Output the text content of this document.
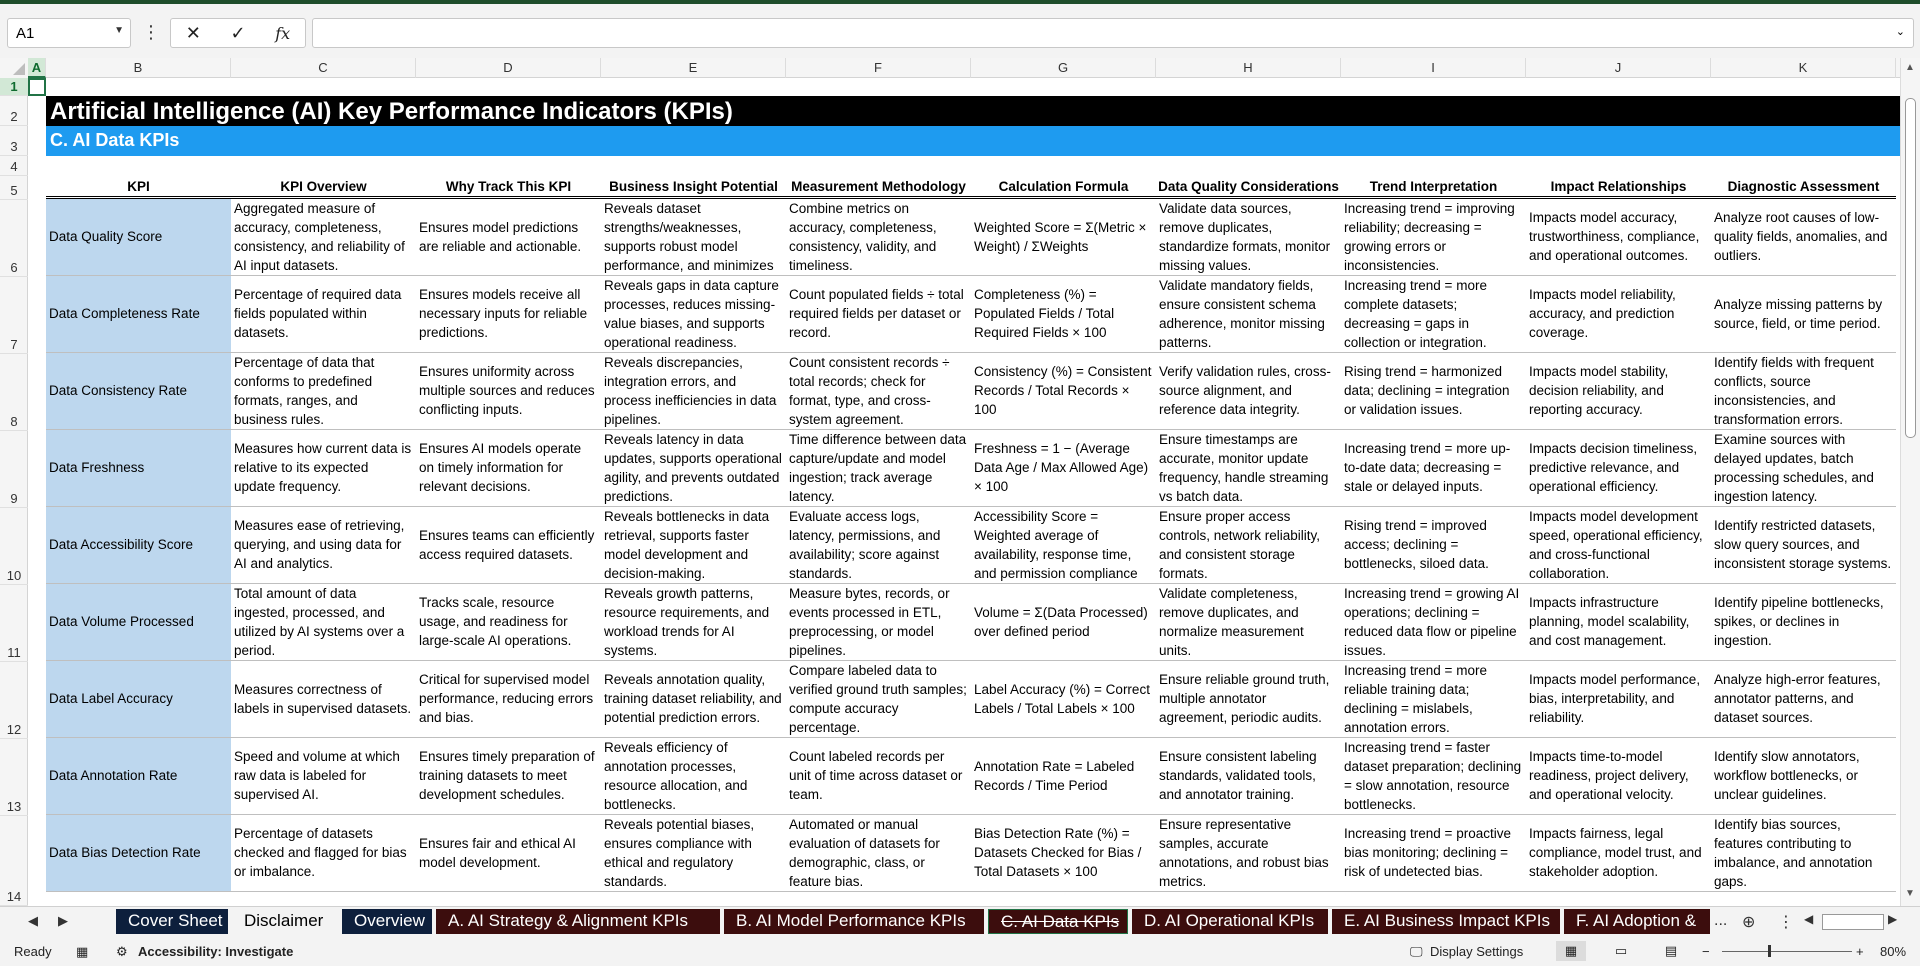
A1	▼ ⋮ ✕ ✓ fx	⌄
A	B	C	D	E	F	G	H	I	J	K
1
2
3
4
5
6
7
8
9
10
11
12
13
14
Artificial Intelligence (AI) Key Performance Indicators (KPIs)
C. AI Data KPIs
KPI	KPI Overview	Why Track This KPI	Business Insight Potential	Measurement Methodology	Calculation Formula	Data Quality Considerations	Trend Interpretation	Impact Relationships	Diagnostic Assessment

Data Quality Score	Aggregated measure of accuracy, completeness, consistency, and reliability of AI input datasets.	Ensures model predictions are reliable and actionable.	Reveals dataset strengths/weaknesses, supports robust model performance, and minimizes	Combine metrics on accuracy, completeness, consistency, validity, and timeliness.	Weighted Score = Σ(Metric × Weight) / ΣWeights	Validate data sources, remove duplicates, standardize formats, monitor missing values.	Increasing trend = improving reliability; decreasing = growing errors or inconsistencies.	Impacts model accuracy, trustworthiness, compliance, and operational outcomes.	Analyze root causes of low-quality fields, anomalies, and outliers.

Data Completeness Rate	Percentage of required data fields populated within datasets.	Ensures models receive all necessary inputs for reliable predictions.	Reveals gaps in data capture processes, reduces missing-value biases, and supports operational readiness.	Count populated fields ÷ total required fields per dataset or record.	Completeness (%) = Populated Fields / Total Required Fields × 100	Validate mandatory fields, ensure consistent schema adherence, monitor missing patterns.	Increasing trend = more complete datasets; decreasing = gaps in collection or integration.	Impacts model reliability, accuracy, and prediction coverage.	Analyze missing patterns by source, field, or time period.

Data Consistency Rate	Percentage of data that conforms to predefined formats, ranges, and business rules.	Ensures uniformity across multiple sources and reduces conflicting inputs.	Reveals discrepancies, integration errors, and process inefficiencies in data pipelines.	Count consistent records ÷ total records; check for format, type, and cross-system agreement.	Consistency (%) = Consistent Records / Total Records × 100	Verify validation rules, cross-source alignment, and reference data integrity.	Rising trend = harmonized data; declining = integration or validation issues.	Impacts model stability, decision reliability, and reporting accuracy.	Identify fields with frequent conflicts, source inconsistencies, and transformation errors.

Data Freshness	Measures how current data is relative to its expected update frequency.	Ensures AI models operate on timely information for relevant decisions.	Reveals latency in data updates, supports operational agility, and prevents outdated predictions.	Time difference between data capture/update and model ingestion; track average latency.	Freshness = 1 − (Average Data Age / Max Allowed Age) × 100	Ensure timestamps are accurate, monitor update frequency, handle streaming vs batch data.	Increasing trend = more up-to-date data; decreasing = stale or delayed inputs.	Impacts decision timeliness, predictive relevance, and operational efficiency.	Examine sources with delayed updates, batch processing schedules, and ingestion latency.

Data Accessibility Score	Measures ease of retrieving, querying, and using data for AI and analytics.	Ensures teams can efficiently access required datasets.	Reveals bottlenecks in data retrieval, supports faster model development and decision-making.	Evaluate access logs, latency, permissions, and availability; score against standards.	Accessibility Score = Weighted average of availability, response time, and permission compliance	Ensure proper access controls, network reliability, and consistent storage formats.	Rising trend = improved access; declining = bottlenecks, siloed data.	Impacts model development speed, operational efficiency, and cross-functional collaboration.	Identify restricted datasets, slow query sources, and inconsistent storage systems.

Data Volume Processed	Total amount of data ingested, processed, and utilized by AI systems over a period.	Tracks scale, resource usage, and readiness for large-scale AI operations.	Reveals growth patterns, resource requirements, and workload trends for AI systems.	Measure bytes, records, or events processed in ETL, preprocessing, or model pipelines.	Volume = Σ(Data Processed) over defined period	Validate completeness, remove duplicates, and normalize measurement units.	Increasing trend = growing AI operations; declining = reduced data flow or pipeline issues.	Impacts infrastructure planning, model scalability, and cost management.	Identify pipeline bottlenecks, spikes, or declines in ingestion.

Data Label Accuracy	Measures correctness of labels in supervised datasets.	Critical for supervised model performance, reducing errors and bias.	Reveals annotation quality, training dataset reliability, and potential prediction errors.	Compare labeled data to verified ground truth samples; compute accuracy percentage.	Label Accuracy (%) = Correct Labels / Total Labels × 100	Ensure reliable ground truth, multiple annotator agreement, periodic audits.	Increasing trend = more reliable training data; declining = mislabels, annotation errors.	Impacts model performance, bias, interpretability, and reliability.	Analyze high-error features, annotator patterns, and dataset sources.

Data Annotation Rate	Speed and volume at which raw data is labeled for supervised AI.	Ensures timely preparation of training datasets to meet development schedules.	Reveals efficiency of annotation processes, resource allocation, and bottlenecks.	Count labeled records per unit of time across dataset or team.	Annotation Rate = Labeled Records / Time Period	Ensure consistent labeling standards, validated tools, and annotator training.	Increasing trend = faster dataset preparation; declining = slow annotation, resource bottlenecks.	Impacts time-to-model readiness, project delivery, and operational velocity.	Identify slow annotators, workflow bottlenecks, or unclear guidelines.

Data Bias Detection Rate	Percentage of datasets checked and flagged for bias or imbalance.	Ensures fair and ethical AI model development.	Reveals potential biases, ensures compliance with ethical and regulatory standards.	Automated or manual evaluation of datasets for demographic, class, or feature bias.	Bias Detection Rate (%) = Datasets Checked for Bias / Total Datasets × 100	Ensure representative samples, accurate annotations, and robust bias metrics.	Increasing trend = proactive bias monitoring; declining = risk of undetected bias.	Impacts fairness, legal compliance, model trust, and stakeholder adoption.	Identify bias sources, features contributing to imbalance, and annotation gaps.
▲
▼
◀ ▶	Cover Sheet	Disclaimer	Overview	A. AI Strategy & Alignment KPIs	B. AI Model Performance KPIs	C. AI Data KPIs	D. AI Operational KPIs	E. AI Business Impact KPIs	F. AI Adoption &	... ⊕ ⋮ ◀	▶
Ready ▦ ⚙ Accessibility: Investigate	🖵 Display Settings	▦	▭	▤	−	+ 80%
